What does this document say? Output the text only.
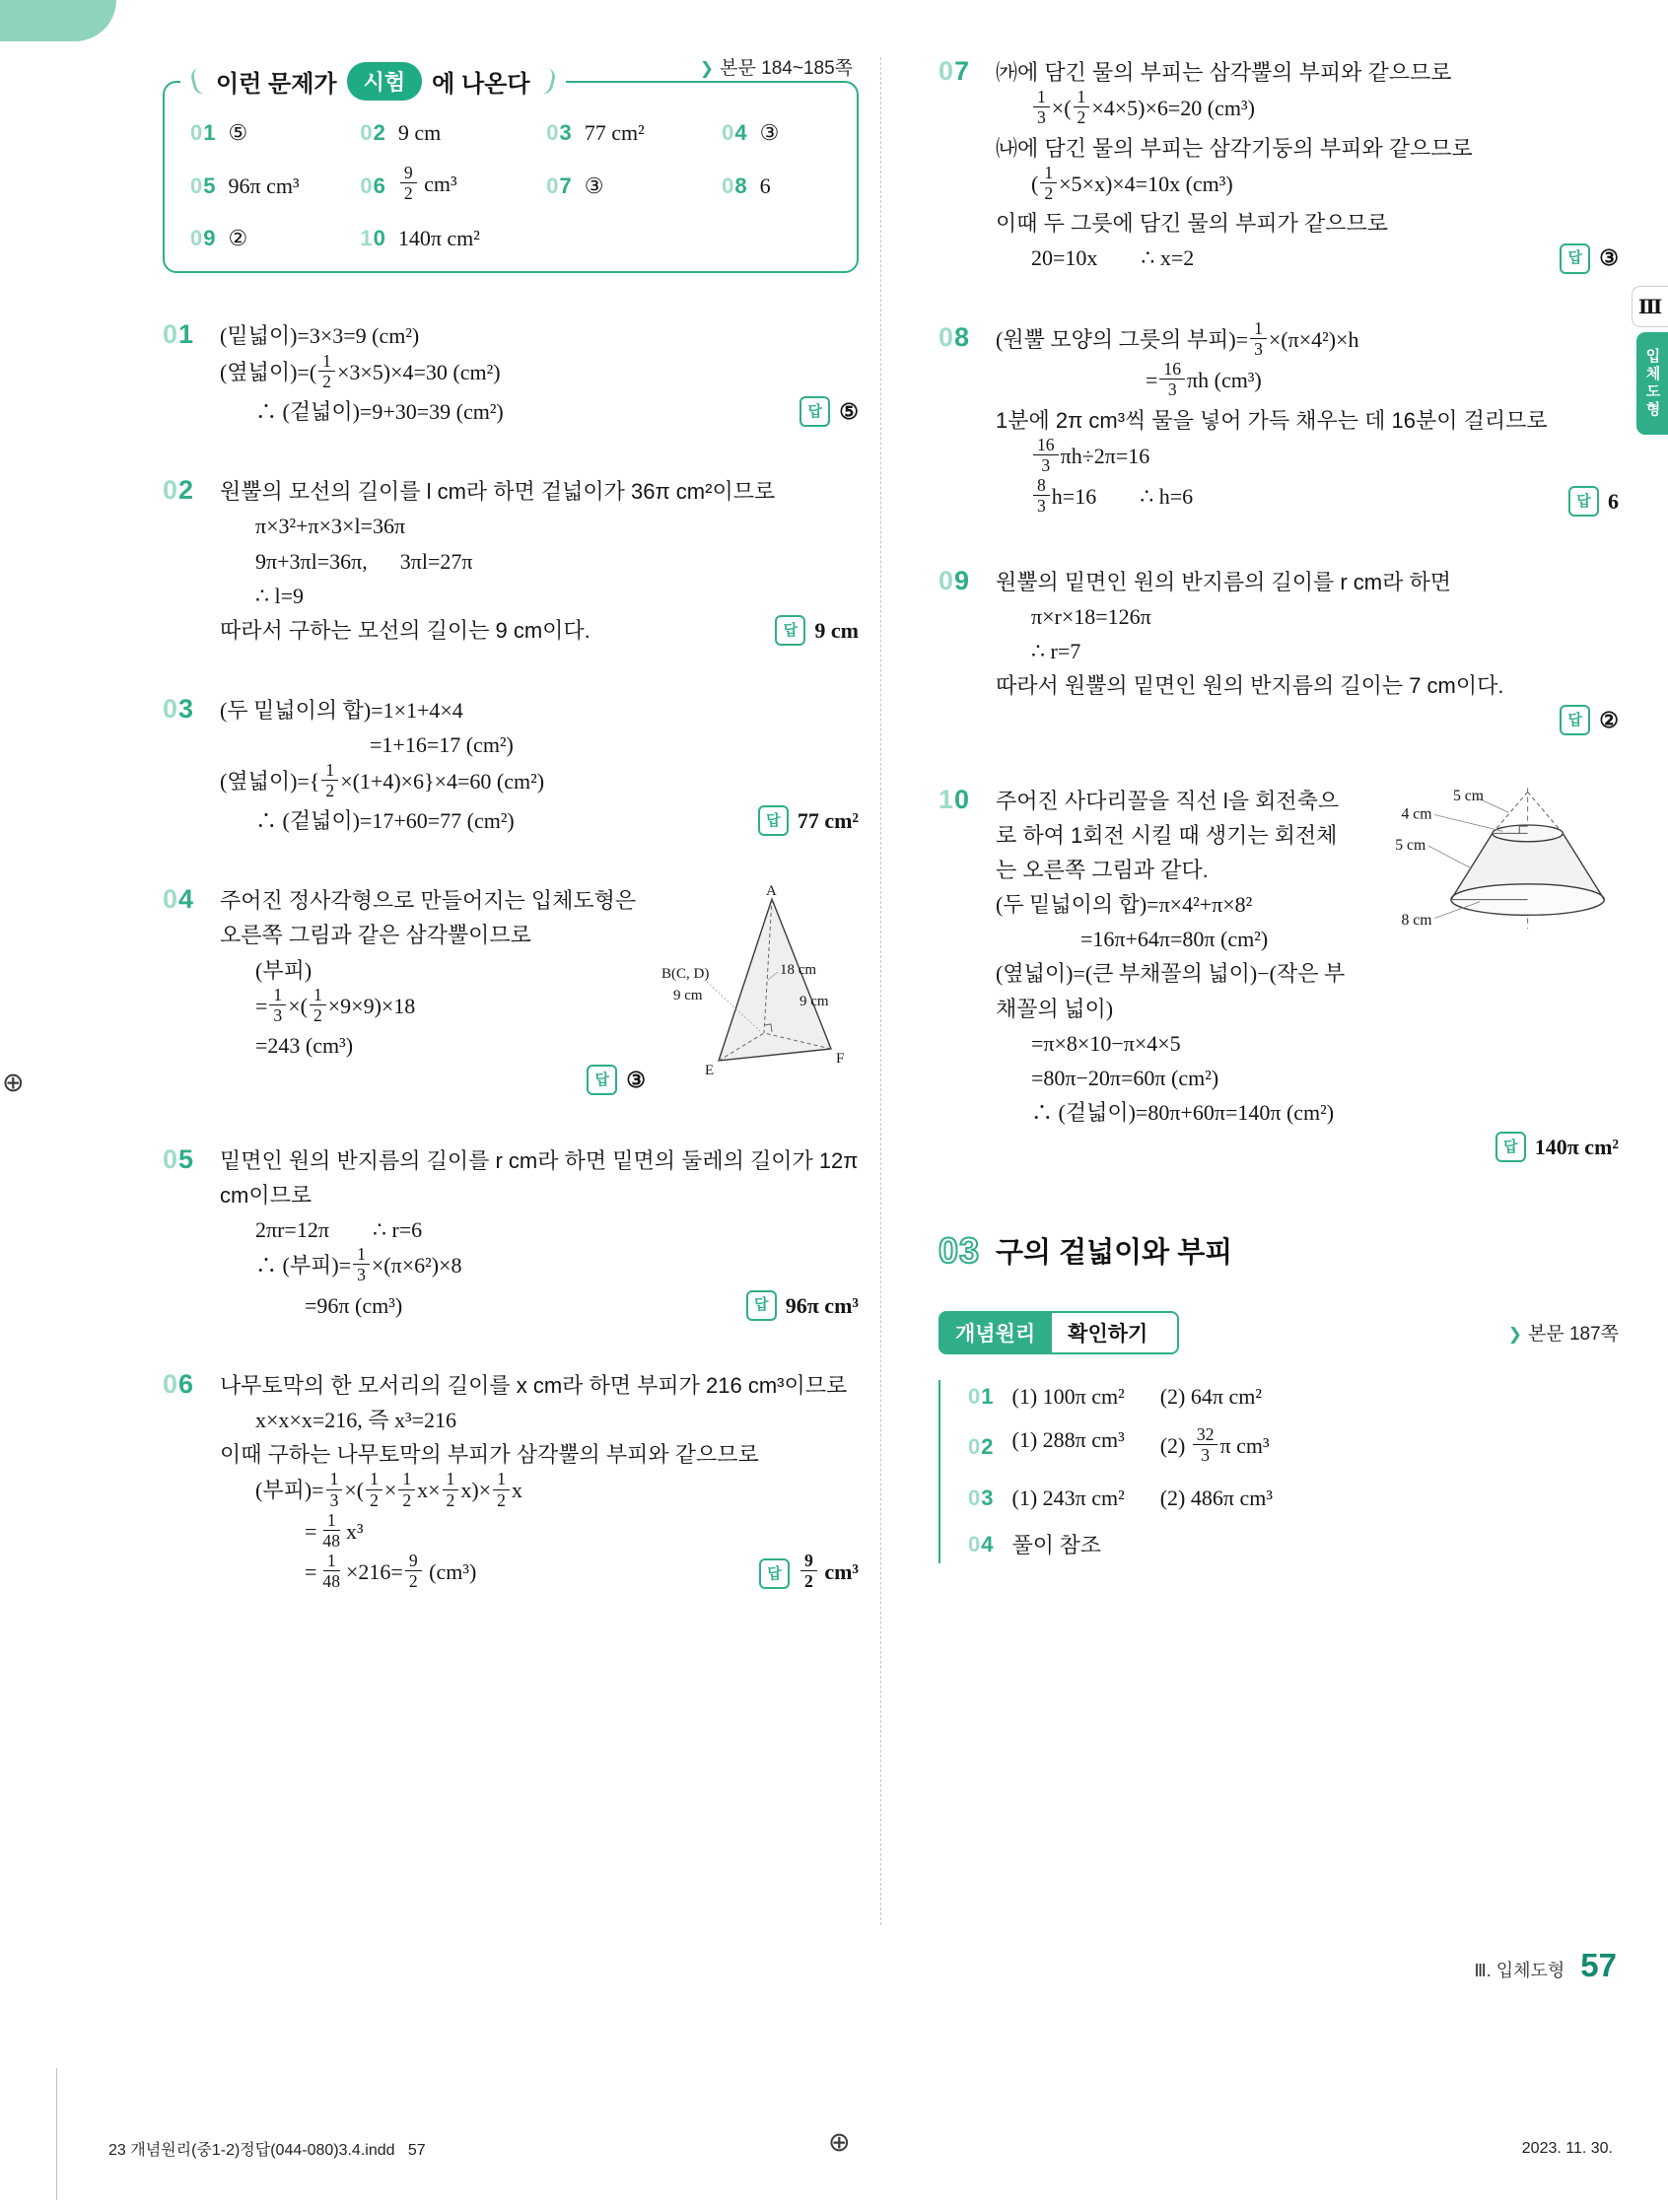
⊕
⊕
Ⅲ
입체도형
❯ 본문 184~185쪽
이런 문제가	시험	에 나온다
01 ⑤	02 9 cm	03 77 cm²	04 ③
05 96π cm³	$06 \frac{9}{2} cm^3$	07 ③	08 6
09 ②	10 140π cm²
01	(밑넓이)=3×3=9 (cm²)
(옆넓이)=( $\frac{1}{2} \times 3\times 5)\times 4=30$ (cm²)
∴ (겉넓이)=9+30=39 (cm²)	답 ⑤
02	원뿔의 모선의 길이를 l cm라 하면 겉넓이가 36π cm²이므로
π×3²+π×3×l=36π
9π+3πl=36π,      3πl=27π
∴ l=9
따라서 구하는 모선의 길이는 9 cm이다.	답 9 cm
03	(두 밑넓이의 합)=1×1+4×4
=1+16=17 (cm²)
(옆넓이)={ $\frac{1}{2} \times(1+4)\times 6\}\times 4=60$ (cm²)
∴ (겉넓이)=17+60=77 (cm²)	답 77 cm²
04	A
18 cm
B(C, D)
9 cm	9 cm
E
F
주어진 정사각형으로 만들어지는 입체도형은 오른쪽 그림과 같은 삼각뿔이므로
(부피)
= $\frac{1}{3}$ ×( $\frac{1}{2} \times 9\times 9)\times 18$
=243 (cm³)
답 ③
05	밑면인 원의 반지름의 길이를 r cm라 하면 밑면의 둘레의 길이가 12π cm이므로
2πr=12π        ∴ r=6
∴ (부피)= $\frac{1}{3} \times(\pi\times 6^2)\times 8$
=96π (cm³)	답 96π cm³
06	나무토막의 한 모서리의 길이를 x cm라 하면 부피가 216 cm³이므로
x×x×x=216, 즉 x³=216
이때 구하는 나무토막의 부피가 삼각뿔의 부피와 같으므로
(부피)= $\frac{1}{3}$ ×( $\frac{1}{2} \times \frac{1}{2} x\times \frac{1}{2} x)\times \frac{1}{2}$ x
= $\frac{1}{48} x^3$
= $\frac{1}{48} \times 216= \frac{9}{2} (cm^3)$	답	$\frac{9}{2} cm^3$
07	㈎에 담긴 물의 부피는 삼각뿔의 부피와 같으므로
$\frac{1}{3}$ ×( $\frac{1}{2} \times 4\times 5)\times 6=20$ (cm³)
㈏에 담긴 물의 부피는 삼각기둥의 부피와 같으므로
( $\frac{1}{2} \times 5\times x)\times 4=10x$ (cm³)
이때 두 그릇에 담긴 물의 부피가 같으므로
20=10x        ∴ x=2	답 ③
08	(원뿔 모양의 그릇의 부피)= $\frac{1}{3} \times(\pi\times 4^2)\times h$
= $\frac{16}{3}$ πh (cm³)
1분에 2π cm³씩 물을 넣어 가득 채우는 데 16분이 걸리므로
$\frac{16}{3} \pi h\div 2\pi=16$
$\frac{8}{3} h=16$        ∴ h=6	답 6
09	원뿔의 밑면인 원의 반지름의 길이를 r cm라 하면
π×r×18=126π
∴ r=7
따라서 원뿔의 밑면인 원의 반지름의 길이는 7 cm이다.
답 ②
10	5 cm
4 cm
5 cm
8 cm
주어진 사다리꼴을 직선 l을 회전축으로 하여 1회전 시킬 때 생기는 회전체는 오른쪽 그림과 같다.
(두 밑넓이의 합)=π×4²+π×8²
=16π+64π=80π (cm²)
(옆넓이)=(큰 부채꼴의 넓이)−(작은 부채꼴의 넓이)
=π×8×10−π×4×5
=80π−20π=60π (cm²)
∴ (겉넓이)=80π+60π=140π (cm²)
답 140π cm²
03 구의 겉넓이와 부피
개념원리	확인하기	❯ 본문 187쪽
01 (1) 100π cm² (2) 64π cm²
02 (1) 288π cm³ $(2) \frac{32}{3}$ π cm³
03 (1) 243π cm² (2) 486π cm³
04 풀이 참조
Ⅲ. 입체도형 57
23 개념원리(중1-2)정답(044-080)3.4.indd   57	2023. 11. 30.
